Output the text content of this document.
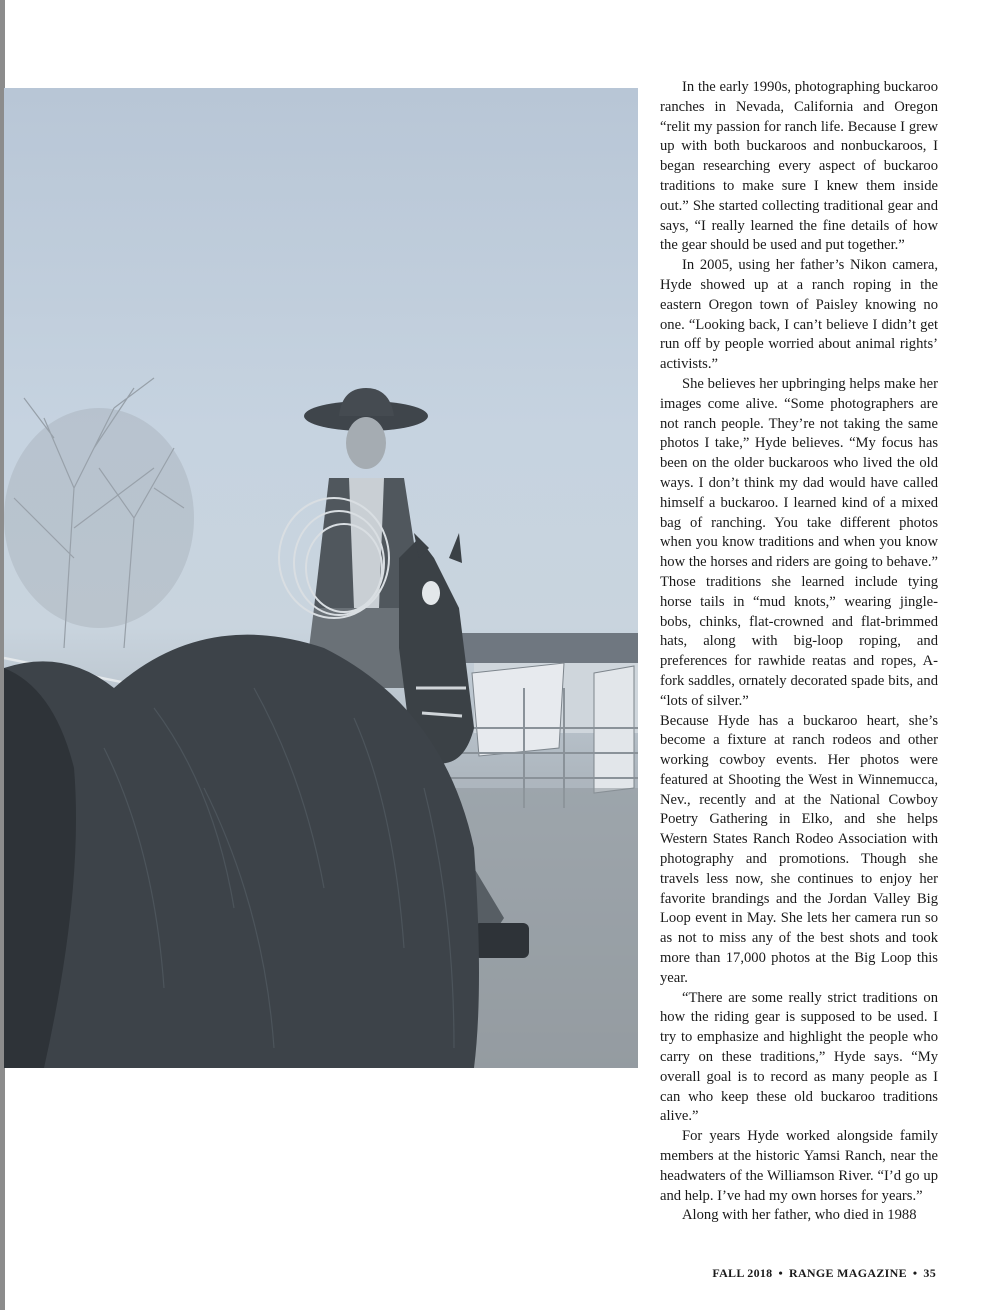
In the early 1990s, photographing buckaroo ranches in Nevada, California and Oregon “relit my passion for ranch life. Because I grew up with both buckaroos and nonbuckaroos, I began researching every aspect of buckaroo traditions to make sure I knew them inside out.” She started collecting traditional gear and says, “I really learned the fine details of how the gear should be used and put together.”

In 2005, using her father’s Nikon camera, Hyde showed up at a ranch roping in the eastern Oregon town of Paisley knowing no one. “Looking back, I can’t believe I didn’t get run off by people worried about animal rights’ activists.”

She believes her upbringing helps make her images come alive. “Some photographers are not ranch people. They’re not taking the same photos I take,” Hyde believes. “My focus has been on the older buckaroos who lived the old ways. I don’t think my dad would have called himself a buckaroo. I learned kind of a mixed bag of ranching. You take different photos when you know traditions and when you know how the horses and riders are going to behave.” Those traditions she learned include tying horse tails in “mud knots,” wearing jingle-bobs, chinks, flat-crowned and flat-brimmed hats, along with big-loop roping, and preferences for rawhide reatas and ropes, A-fork saddles, ornately decorated spade bits, and “lots of silver.”

Because Hyde has a buckaroo heart, she’s become a fixture at ranch rodeos and other working cowboy events. Her photos were featured at Shooting the West in Winnemucca, Nev., recently and at the National Cowboy Poetry Gathering in Elko, and she helps Western States Ranch Rodeo Association with photography and promotions. Though she travels less now, she continues to enjoy her favorite brandings and the Jordan Valley Big Loop event in May. She lets her camera run so as not to miss any of the best shots and took more than 17,000 photos at the Big Loop this year.

“There are some really strict traditions on how the riding gear is supposed to be used. I try to emphasize and highlight the people who carry on these traditions,” Hyde says. “My overall goal is to record as many people as I can who keep these old buckaroo traditions alive.”

For years Hyde worked alongside family members at the historic Yamsi Ranch, near the headwaters of the Williamson River. “I’d go up and help. I’ve had my own horses for years.”

Along with her father, who died in 1988

FALL 2018 • RANGE MAGAZINE • 35
